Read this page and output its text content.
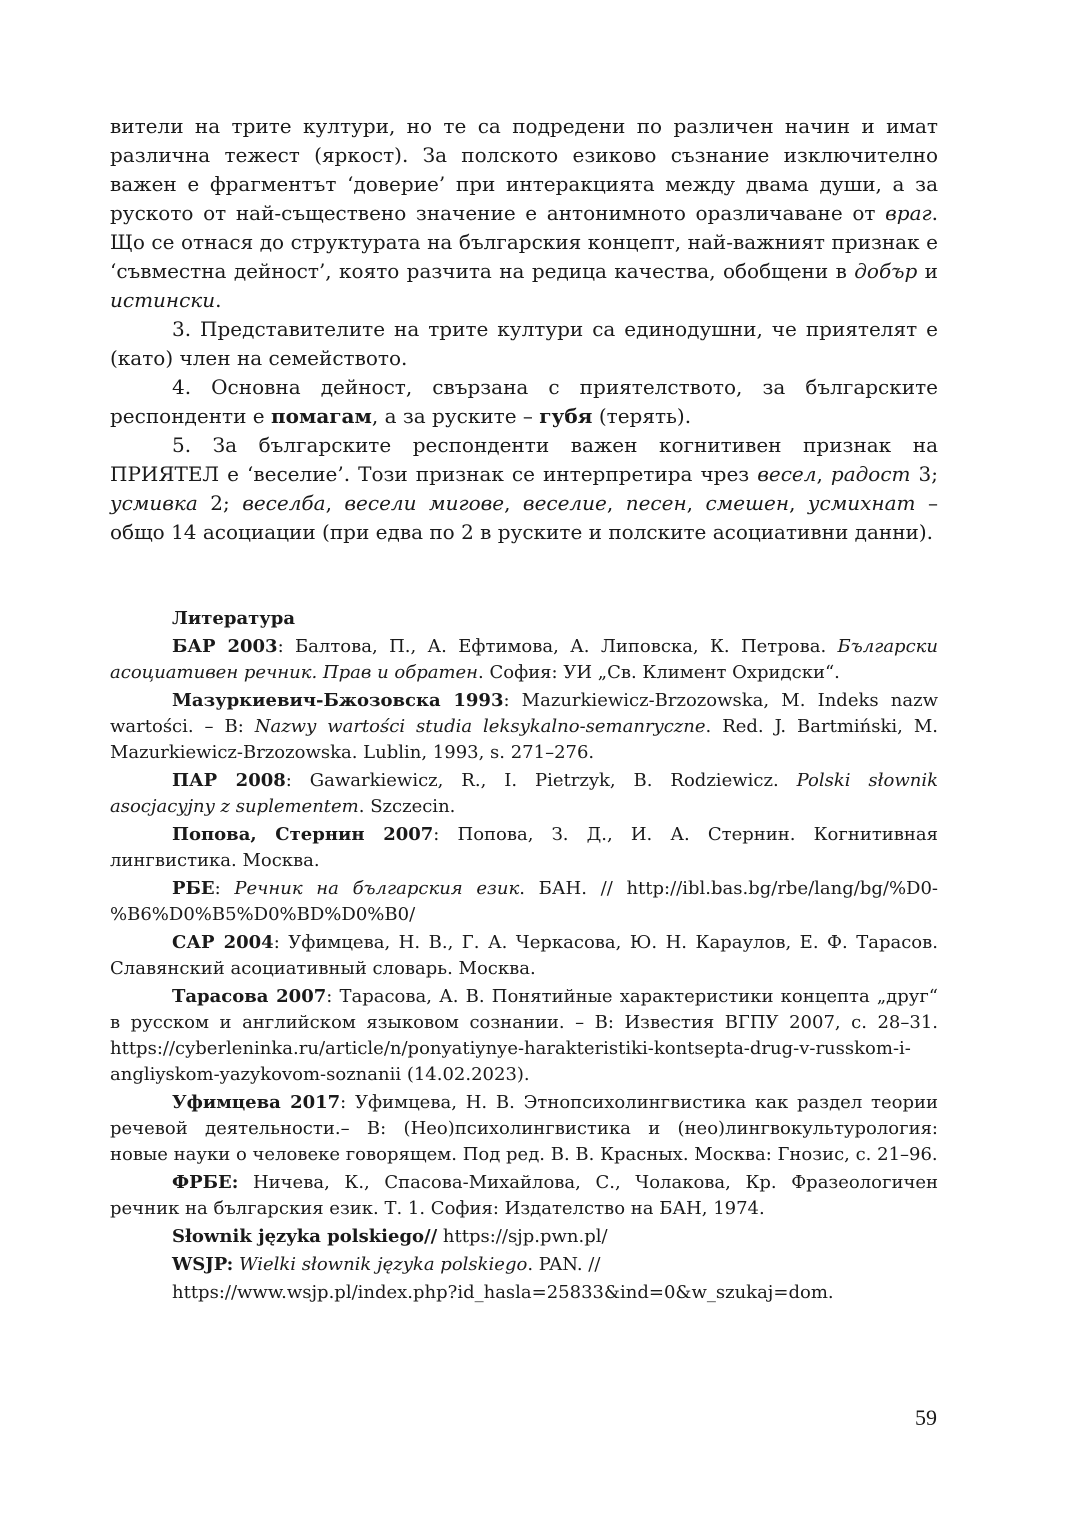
вители на трите култури, но те са подредени по различен начин и имат различна тежест (яркост). За полското езиково съзнание изключително важен е фрагментът ‘доверие’ при интеракцията между двама души, а за руското от най-съществено значение е антонимното оразличаване от враг. Що се отнася до структурата на българския концепт, най-важният признак е ‘съвместна дейност’, която разчита на редица качества, обобщени в добър и истински.

3. Представителите на трите култури са единодушни, че приятелят е (като) член на семейството.

4. Основна дейност, свързана с приятелството, за българските респонденти е помагам, а за руските – губя (терять).

5. За българските респонденти важен когнитивен признак на ПРИЯТЕЛ е ‘веселие’. Този признак се интерпретира чрез весел, радост 3; усмивка 2; веселба, весели мигове, веселие, песен, смешен, усмихнат – общо 14 асоциации (при едва по 2 в руските и полските асоциативни данни).

Литература

БАР 2003: Балтова, П., А. Ефтимова, А. Липовска, К. Петрова. Български асоциативен речник. Прав и обратен. София: УИ „Св. Климент Охридски“.

Мазуркиевич-Бжозовска 1993: Mazurkiewicz-Brzozowska, M. Indeks nazw wartości. – В: Nazwy wartości studia leksykalno-semanryczne. Red. J. Bartmiński, M. Mazurkiewicz-Brzozowska. Lublin, 1993, s. 271–276.

ПАР 2008: Gawarkiewicz, R., I. Pietrzyk, B. Rodziewicz. Polski słownik asocjacyjny z suplementem. Szczecin.

Попова, Стернин 2007: Попова, З. Д., И. А. Стернин. Когнитивная лингвистика. Москва.

РБЕ: Речник на българския език. БАН. // http://ibl.bas.bg/rbe/lang/bg/%D0-%B6%D0%B5%D0%BD%D0%B0/

САР 2004: Уфимцева, Н. В., Г. А. Черкасова, Ю. Н. Караулов, Е. Ф. Тарасов. Славянский асоциативный словарь. Москва.

Тарасова 2007: Тарасова, А. В. Понятийные характеристики концепта „друг“ в русском и английском языковом сознании. – В: Известия ВГПУ 2007, с. 28–31. https://cyberleninka.ru/article/n/ponyatiynye-harakteristiki-kontsepta-drug-v-russkom-i-angliyskom-yazykovom-soznanii (14.02.2023).

Уфимцева 2017: Уфимцева, Н. В. Этнопсихолингвистика как раздел теории речевой деятельности.– В: (Нео)психолингвистика и (нео)лингвокультурология: новые науки о человеке говорящем. Под ред. В. В. Красных. Москва: Гнозис, с. 21–96.

ФРБЕ: Ничева, К., Спасова-Михайлова, С., Чолакова, Кр. Фразеологичен речник на българския език. Т. 1. София: Издателство на БАН, 1974.

Słownik języka polskiego// https://sjp.pwn.pl/

WSJP: Wielki słownik języka polskiego. PAN. //

https://www.wsjp.pl/index.php?id_hasla=25833&ind=0&w_szukaj=dom.

59
